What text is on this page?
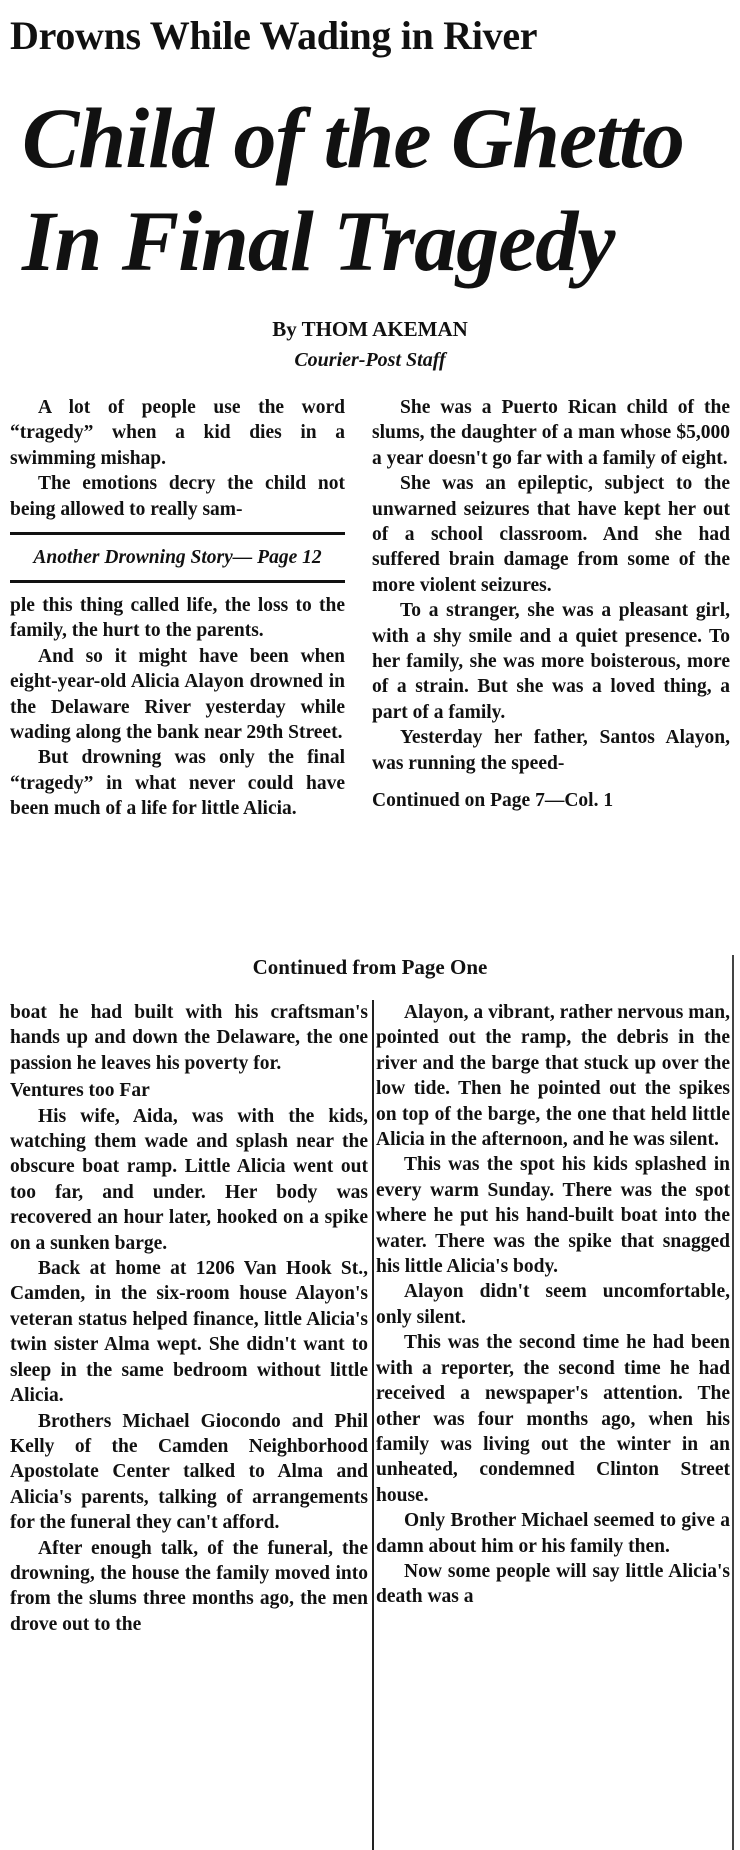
Drowns While Wading in River
Child of the Ghetto
In Final Tragedy
By THOM AKEMAN
Courier-Post Staff

A lot of people use the word “tragedy” when a kid dies in a swimming mishap.

The emotions decry the child not being allowed to really sam-

Another Drowning Story— Page 12

ple this thing called life, the loss to the family, the hurt to the parents.

And so it might have been when eight-year-old Alicia Alayon drowned in the Delaware River yesterday while wading along the bank near 29th Street.

But drowning was only the final “tragedy” in what never could have been much of a life for little Alicia.

She was a Puerto Rican child of the slums, the daughter of a man whose $5,000 a year doesn't go far with a family of eight.

She was an epileptic, subject to the unwarned seizures that have kept her out of a school classroom. And she had suffered brain damage from some of the more violent seizures.

To a stranger, she was a pleasant girl, with a shy smile and a quiet presence. To her family, she was more boisterous, more of a strain. But she was a loved thing, a part of a family.

Yesterday her father, Santos Alayon, was running the speed-

Continued on Page 7—Col. 1

Continued from Page One

boat he had built with his craftsman's hands up and down the Delaware, the one passion he leaves his poverty for.

Ventures too Far

His wife, Aida, was with the kids, watching them wade and splash near the obscure boat ramp. Little Alicia went out too far, and under. Her body was recovered an hour later, hooked on a spike on a sunken barge.

Back at home at 1206 Van Hook St., Camden, in the six-room house Alayon's veteran status helped finance, little Alicia's twin sister Alma wept. She didn't want to sleep in the same bedroom without little Alicia.

Brothers Michael Giocondo and Phil Kelly of the Camden Neighborhood Apostolate Center talked to Alma and Alicia's parents, talking of arrangements for the funeral they can't afford.

After enough talk, of the funeral, the drowning, the house the family moved into from the slums three months ago, the men drove out to the

Alayon, a vibrant, rather nervous man, pointed out the ramp, the debris in the river and the barge that stuck up over the low tide. Then he pointed out the spikes on top of the barge, the one that held little Alicia in the afternoon, and he was silent.

This was the spot his kids splashed in every warm Sunday. There was the spot where he put his hand-built boat into the water. There was the spike that snagged his little Alicia's body.

Alayon didn't seem uncomfortable, only silent.

This was the second time he had been with a reporter, the second time he had received a newspaper's attention. The other was four months ago, when his family was living out the winter in an unheated, condemned Clinton Street house.

Only Brother Michael seemed to give a damn about him or his family then.

Now some people will say little Alicia's death was a
